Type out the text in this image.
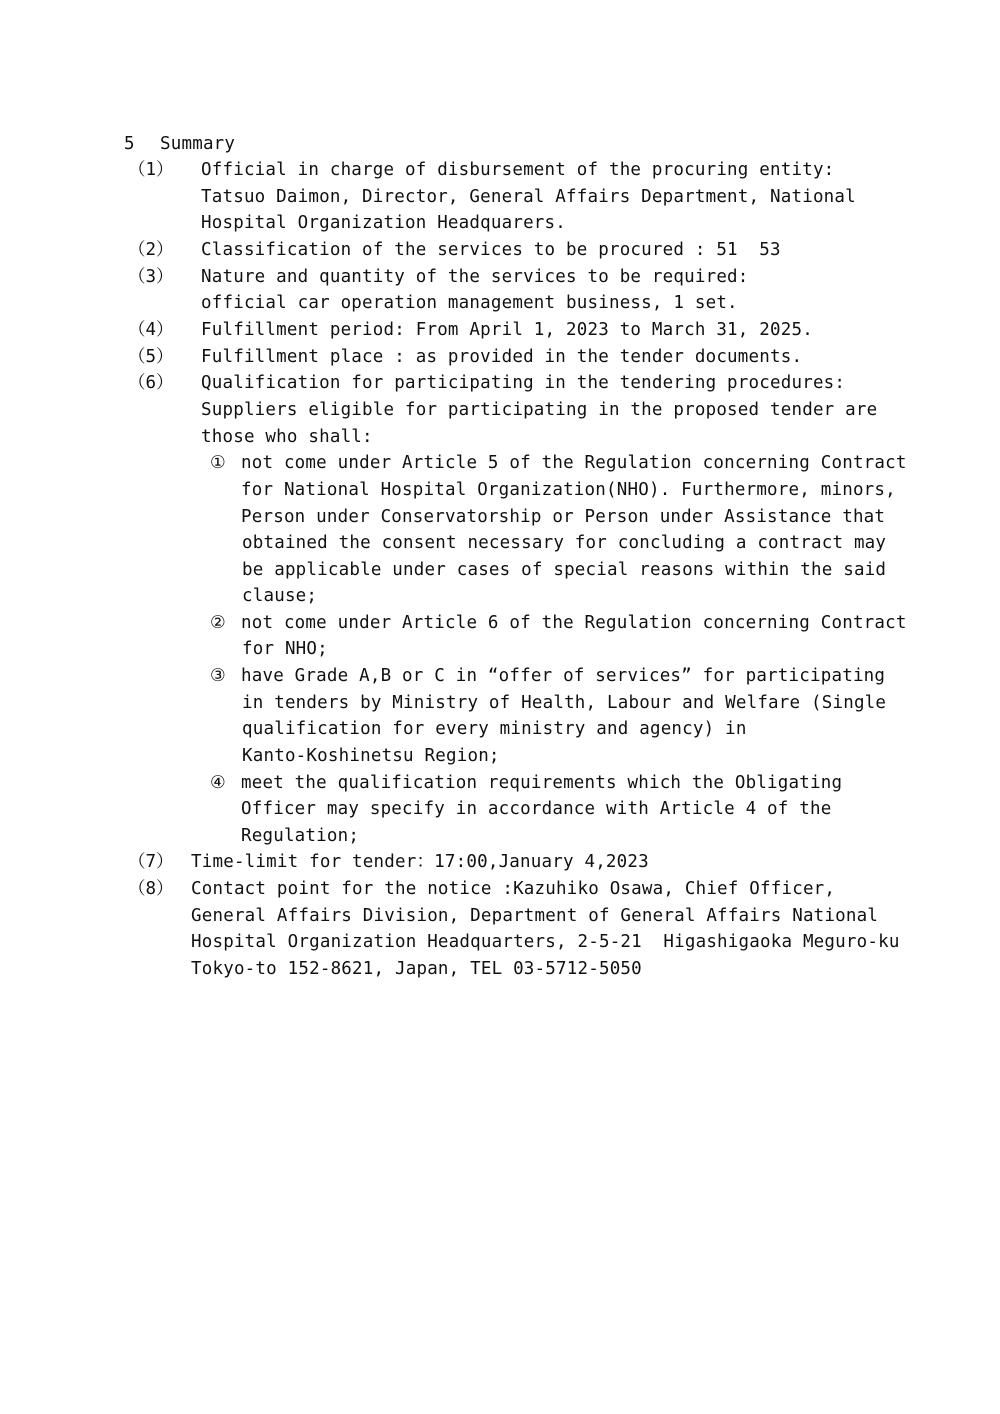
5 Summary
（1） Official in charge of disbursement of the procuring entity:
Tatsuo Daimon, Director, General Affairs Department, National
Hospital Organization Headquarers.
（2） Classification of the services to be procured : 51  53
（3） Nature and quantity of the services to be required:
official car operation management business, 1 set.
（4） Fulfillment period: From April 1, 2023 to March 31, 2025.
（5） Fulfillment place : as provided in the tender documents.
（6） Qualification for participating in the tendering procedures:
Suppliers eligible for participating in the proposed tender are
those who shall:
① not come under Article 5 of the Regulation concerning Contract
for National Hospital Organization(NHO). Furthermore, minors,
Person under Conservatorship or Person under Assistance that
obtained the consent necessary for concluding a contract may
be applicable under cases of special reasons within the said
clause;
② not come under Article 6 of the Regulation concerning Contract
for NHO;
③ have Grade A,B or C in “offer of services” for participating
in tenders by Ministry of Health, Labour and Welfare (Single
qualification for every ministry and agency) in
Kanto-Koshinetsu Region;
④ meet the qualification requirements which the Obligating
Officer may specify in accordance with Article 4 of the
Regulation;
（7） Time-limit for tender：17:00,January 4,2023
（8） Contact point for the notice :Kazuhiko Osawa, Chief Officer,
General Affairs Division, Department of General Affairs National
Hospital Organization Headquarters, 2-5-21  Higashigaoka Meguro-ku
Tokyo-to 152-8621, Japan, TEL 03-5712-5050
